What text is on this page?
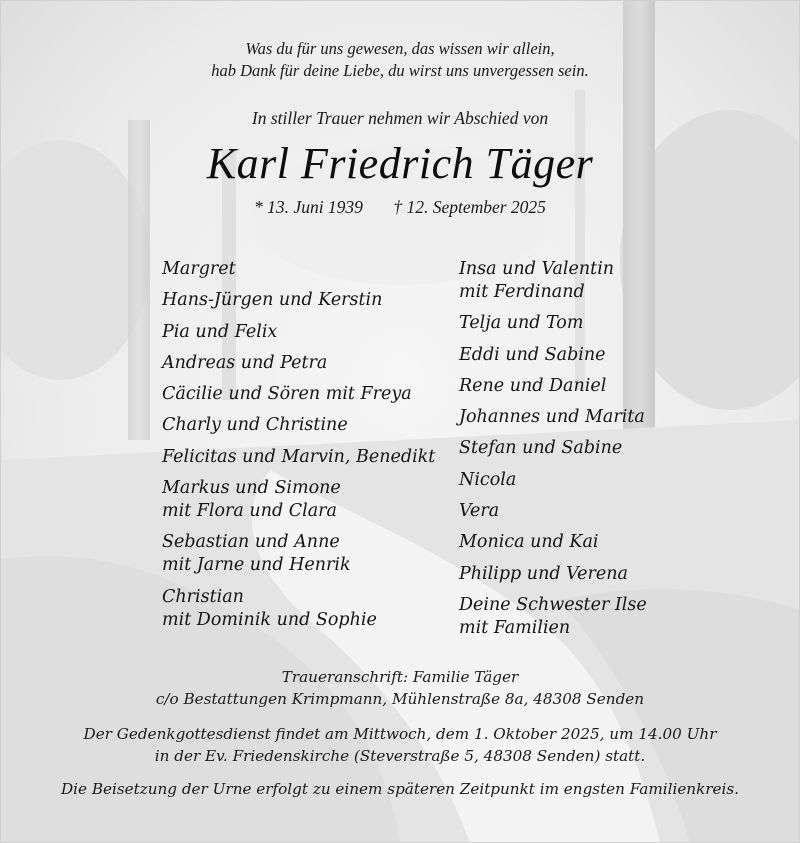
Was du für uns gewesen, das wissen wir allein,
hab Dank für deine Liebe, du wirst uns unvergessen sein.
In stiller Trauer nehmen wir Abschied von
Karl Friedrich Täger
* 13. Juni 1939 † 12. September 2025
Margret
Hans-Jürgen und Kerstin
Pia und Felix
Andreas und Petra
Cäcilie und Sören mit Freya
Charly und Christine
Felicitas und Marvin, Benedikt
Markus und Simone
mit Flora und Clara
Sebastian und Anne
mit Jarne und Henrik
Christian
mit Dominik und Sophie
Insa und Valentin
mit Ferdinand
Telja und Tom
Eddi und Sabine
Rene und Daniel
Johannes und Marita
Stefan und Sabine
Nicola
Vera
Monica und Kai
Philipp und Verena
Deine Schwester Ilse
mit Familien
Traueranschrift: Familie Täger
c/o Bestattungen Krimpmann, Mühlenstraße 8a, 48308 Senden
Der Gedenkgottesdienst findet am Mittwoch, dem 1. Oktober 2025, um 14.00 Uhr
in der Ev. Friedenskirche (Steverstraße 5, 48308 Senden) statt.
Die Beisetzung der Urne erfolgt zu einem späteren Zeitpunkt im engsten Familienkreis.
